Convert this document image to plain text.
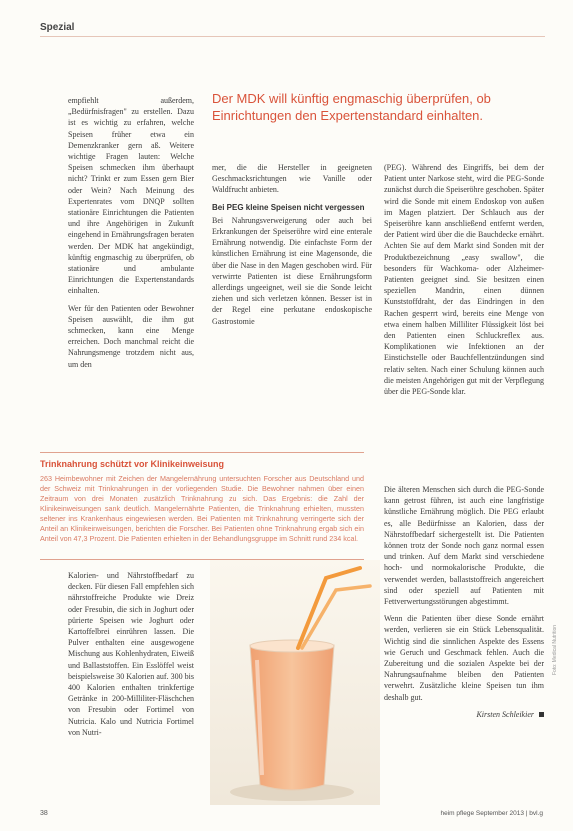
Spezial
Der MDK will künftig engmaschig überprüfen, ob Einrichtungen den Expertenstandard einhalten.

empfiehlt außerdem, „Bedürfnisfragen" zu erstellen. Dazu ist es wichtig zu erfahren, welche Speisen früher etwa ein Demenzkranker gern aß. Weitere wichtige Fragen lauten: Welche Speisen schmecken ihm überhaupt nicht? Trinkt er zum Essen gern Bier oder Wein? Nach Meinung des Expertenrates vom DNQP sollten stationäre Einrichtungen die Patienten und ihre Angehörigen in Zukunft eingehend in Ernährungsfragen beraten werden. Der MDK hat angekündigt, künftig engmaschig zu überprüfen, ob stationäre und ambulante Einrichtungen die Expertenstandards einhalten.

Wer für den Patienten oder Bewohner Speisen auswählt, die ihm gut schmecken, kann eine Menge erreichen. Doch manchmal reicht die Nahrungsmenge trotzdem nicht aus, um den

mer, die die Hersteller in geeigneten Geschmacksrichtungen wie Vanille oder Waldfrucht anbieten.

Bei PEG kleine Speisen nicht vergessen

Bei Nahrungsverweigerung oder auch bei Erkrankungen der Speiseröhre wird eine enterale Ernährung notwendig. Die einfachste Form der künstlichen Ernährung ist eine Magensonde, die über die Nase in den Magen geschoben wird. Für verwirrte Patienten ist diese Ernährungsform allerdings ungeeignet, weil sie die Sonde leicht ziehen und sich verletzen können. Besser ist in der Regel eine perkutane endoskopische Gastrostomie

(PEG). Während des Eingriffs, bei dem der Patient unter Narkose steht, wird die PEG-Sonde zunächst durch die Speiseröhre geschoben. Später wird die Sonde mit einem Endoskop von außen im Magen platziert. Der Schlauch aus der Speiseröhre kann anschließend entfernt werden, der Patient wird über die die Bauchdecke ernährt. Achten Sie auf dem Markt sind Sonden mit der Produktbezeichnung „easy swallow", die besonders für Wachkoma- oder Alzheimer-Patienten geeignet sind. Sie besitzen einen speziellen Mandrin, einen dünnen Kunststoffdraht, der das Eindringen in den Rachen gesperrt wird, bereits eine Menge von etwa einem halben Milliliter Flüssigkeit löst bei den Patienten einen Schluckreflex aus. Komplikationen wie Infektionen an der Einstichstelle oder Bauchfellentzündungen sind relativ selten. Nach einer Schulung können auch die meisten Angehörigen gut mit der Verpflegung über die PEG-Sonde klar.

Trinknahrung schützt vor Klinikeinweisung
263 Heimbewohner mit Zeichen der Mangelernährung untersuchten Forscher aus Deutschland und der Schweiz mit Trinknahrungen in der vorliegenden Studie. Die Bewohner nahmen über einen Zeitraum von drei Monaten zusätzlich Trinknahrung zu sich. Das Ergebnis: die Zahl der Klinikeinweisungen sank deutlich. Mangelernährte Patienten, die Trinknahrung erhielten, mussten seltener ins Krankenhaus eingewiesen werden. Bei Patienten mit Trinknahrung verringerte sich der Anteil an Klinikeinweisungen, berichten die Forscher. Bei Patienten ohne Trinknahrung ergab sich ein Anteil von 47,3 Prozent. Die Patienten erhielten in der Behandlungsgruppe im Schnitt rund 234 kcal.

Kalorien- und Nährstoffbedarf zu decken. Für diesen Fall empfehlen sich nährstoffreiche Produkte wie Dreiz oder Fresubin, die sich in Joghurt oder pürierte Speisen wie Joghurt oder Kartoffelbrei einrühren lassen. Die Pulver enthalten eine ausgewogene Mischung aus Kohlenhydraten, Eiweiß und Ballaststoffen. Ein Esslöffel weist beispielsweise 30 Kalorien auf. 300 bis 400 Kalorien enthalten trinkfertige Getränke in 200-Milliliter-Fläschchen von Fresubin oder Fortimel von Nutricia. Kalo und Nutricia Fortimel von Nutri-

Die älteren Menschen sich durch die PEG-Sonde kann getrost führen, ist auch eine langfristige künstliche Ernährung möglich. Die PEG erlaubt es, alle Bedürfnisse an Kalorien, dass der Nährstoffbedarf sichergestellt ist. Die Patienten können trotz der Sonde noch ganz normal essen und trinken. Auf dem Markt sind verschiedene hoch- und normokalorische Produkte, die verwendet werden, ballaststoffreich angereichert sind oder speziell auf Patienten mit Fettverwertungsstörungen abgestimmt.

Wenn die Patienten über diese Sonde ernährt werden, verlieren sie ein Stück Lebensqualität. Wichtig sind die sinnlichen Aspekte des Essens wie Geruch und Geschmack fehlen. Auch die Zubereitung und die sozialen Aspekte bei der Nahrungsaufnahme bleiben den Patienten verwehrt. Zusätzliche kleine Speisen tun ihm deshalb gut.

Kirsten Schleikier
Foto: Medical Nutrition
38	heim pflege September 2013 | bvl.g
